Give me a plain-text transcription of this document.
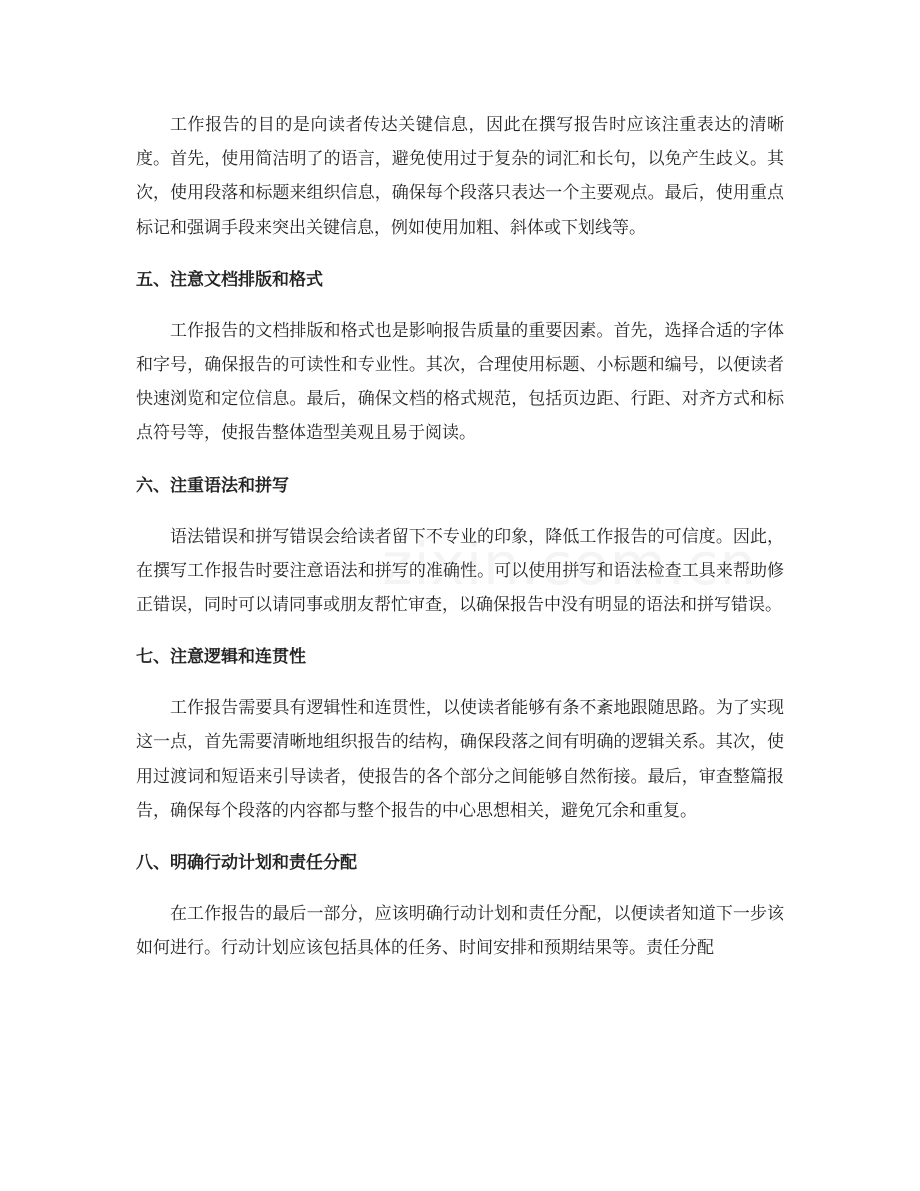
工作报告的目的是向读者传达关键信息，因此在撰写报告时应该注重表达的清晰度。首先，使用简洁明了的语言，避免使用过于复杂的词汇和长句，以免产生歧义。其次，使用段落和标题来组织信息，确保每个段落只表达一个主要观点。最后，使用重点标记和强调手段来突出关键信息，例如使用加粗、斜体或下划线等。

五、注意文档排版和格式

工作报告的文档排版和格式也是影响报告质量的重要因素。首先，选择合适的字体和字号，确保报告的可读性和专业性。其次，合理使用标题、小标题和编号，以便读者快速浏览和定位信息。最后，确保文档的格式规范，包括页边距、行距、对齐方式和标点符号等，使报告整体造型美观且易于阅读。

六、注重语法和拼写

语法错误和拼写错误会给读者留下不专业的印象，降低工作报告的可信度。因此，在撰写工作报告时要注意语法和拼写的准确性。可以使用拼写和语法检查工具来帮助修正错误，同时可以请同事或朋友帮忙审查，以确保报告中没有明显的语法和拼写错误。

七、注意逻辑和连贯性

工作报告需要具有逻辑性和连贯性，以使读者能够有条不紊地跟随思路。为了实现这一点，首先需要清晰地组织报告的结构，确保段落之间有明确的逻辑关系。其次，使用过渡词和短语来引导读者，使报告的各个部分之间能够自然衔接。最后，审查整篇报告，确保每个段落的内容都与整个报告的中心思想相关，避免冗余和重复。

八、明确行动计划和责任分配

在工作报告的最后一部分，应该明确行动计划和责任分配，以便读者知道下一步该如何进行。行动计划应该包括具体的任务、时间安排和预期结果等。责任分配
